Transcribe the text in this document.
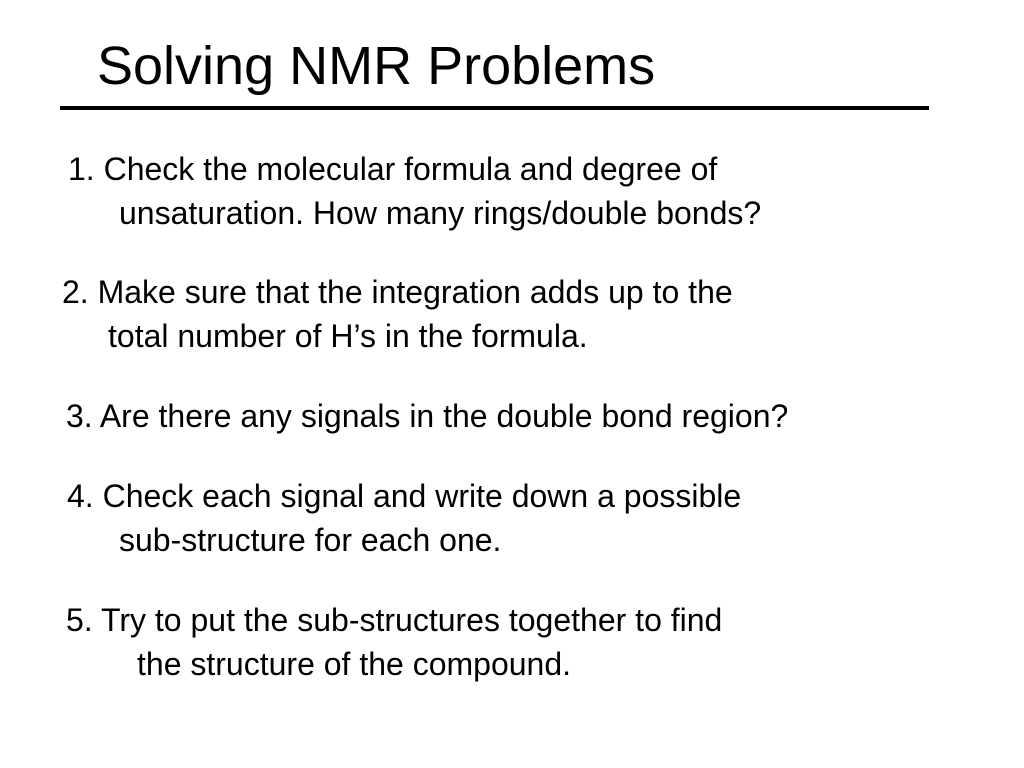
Solving NMR Problems
1. Check the molecular formula and degree of
unsaturation. How many rings/double bonds?
2. Make sure that the integration adds up to the
total number of H’s in the formula.
3. Are there any signals in the double bond region?
4. Check each signal and write down a possible
sub-structure for each one.
5. Try to put the sub-structures together to find
the structure of the compound.
